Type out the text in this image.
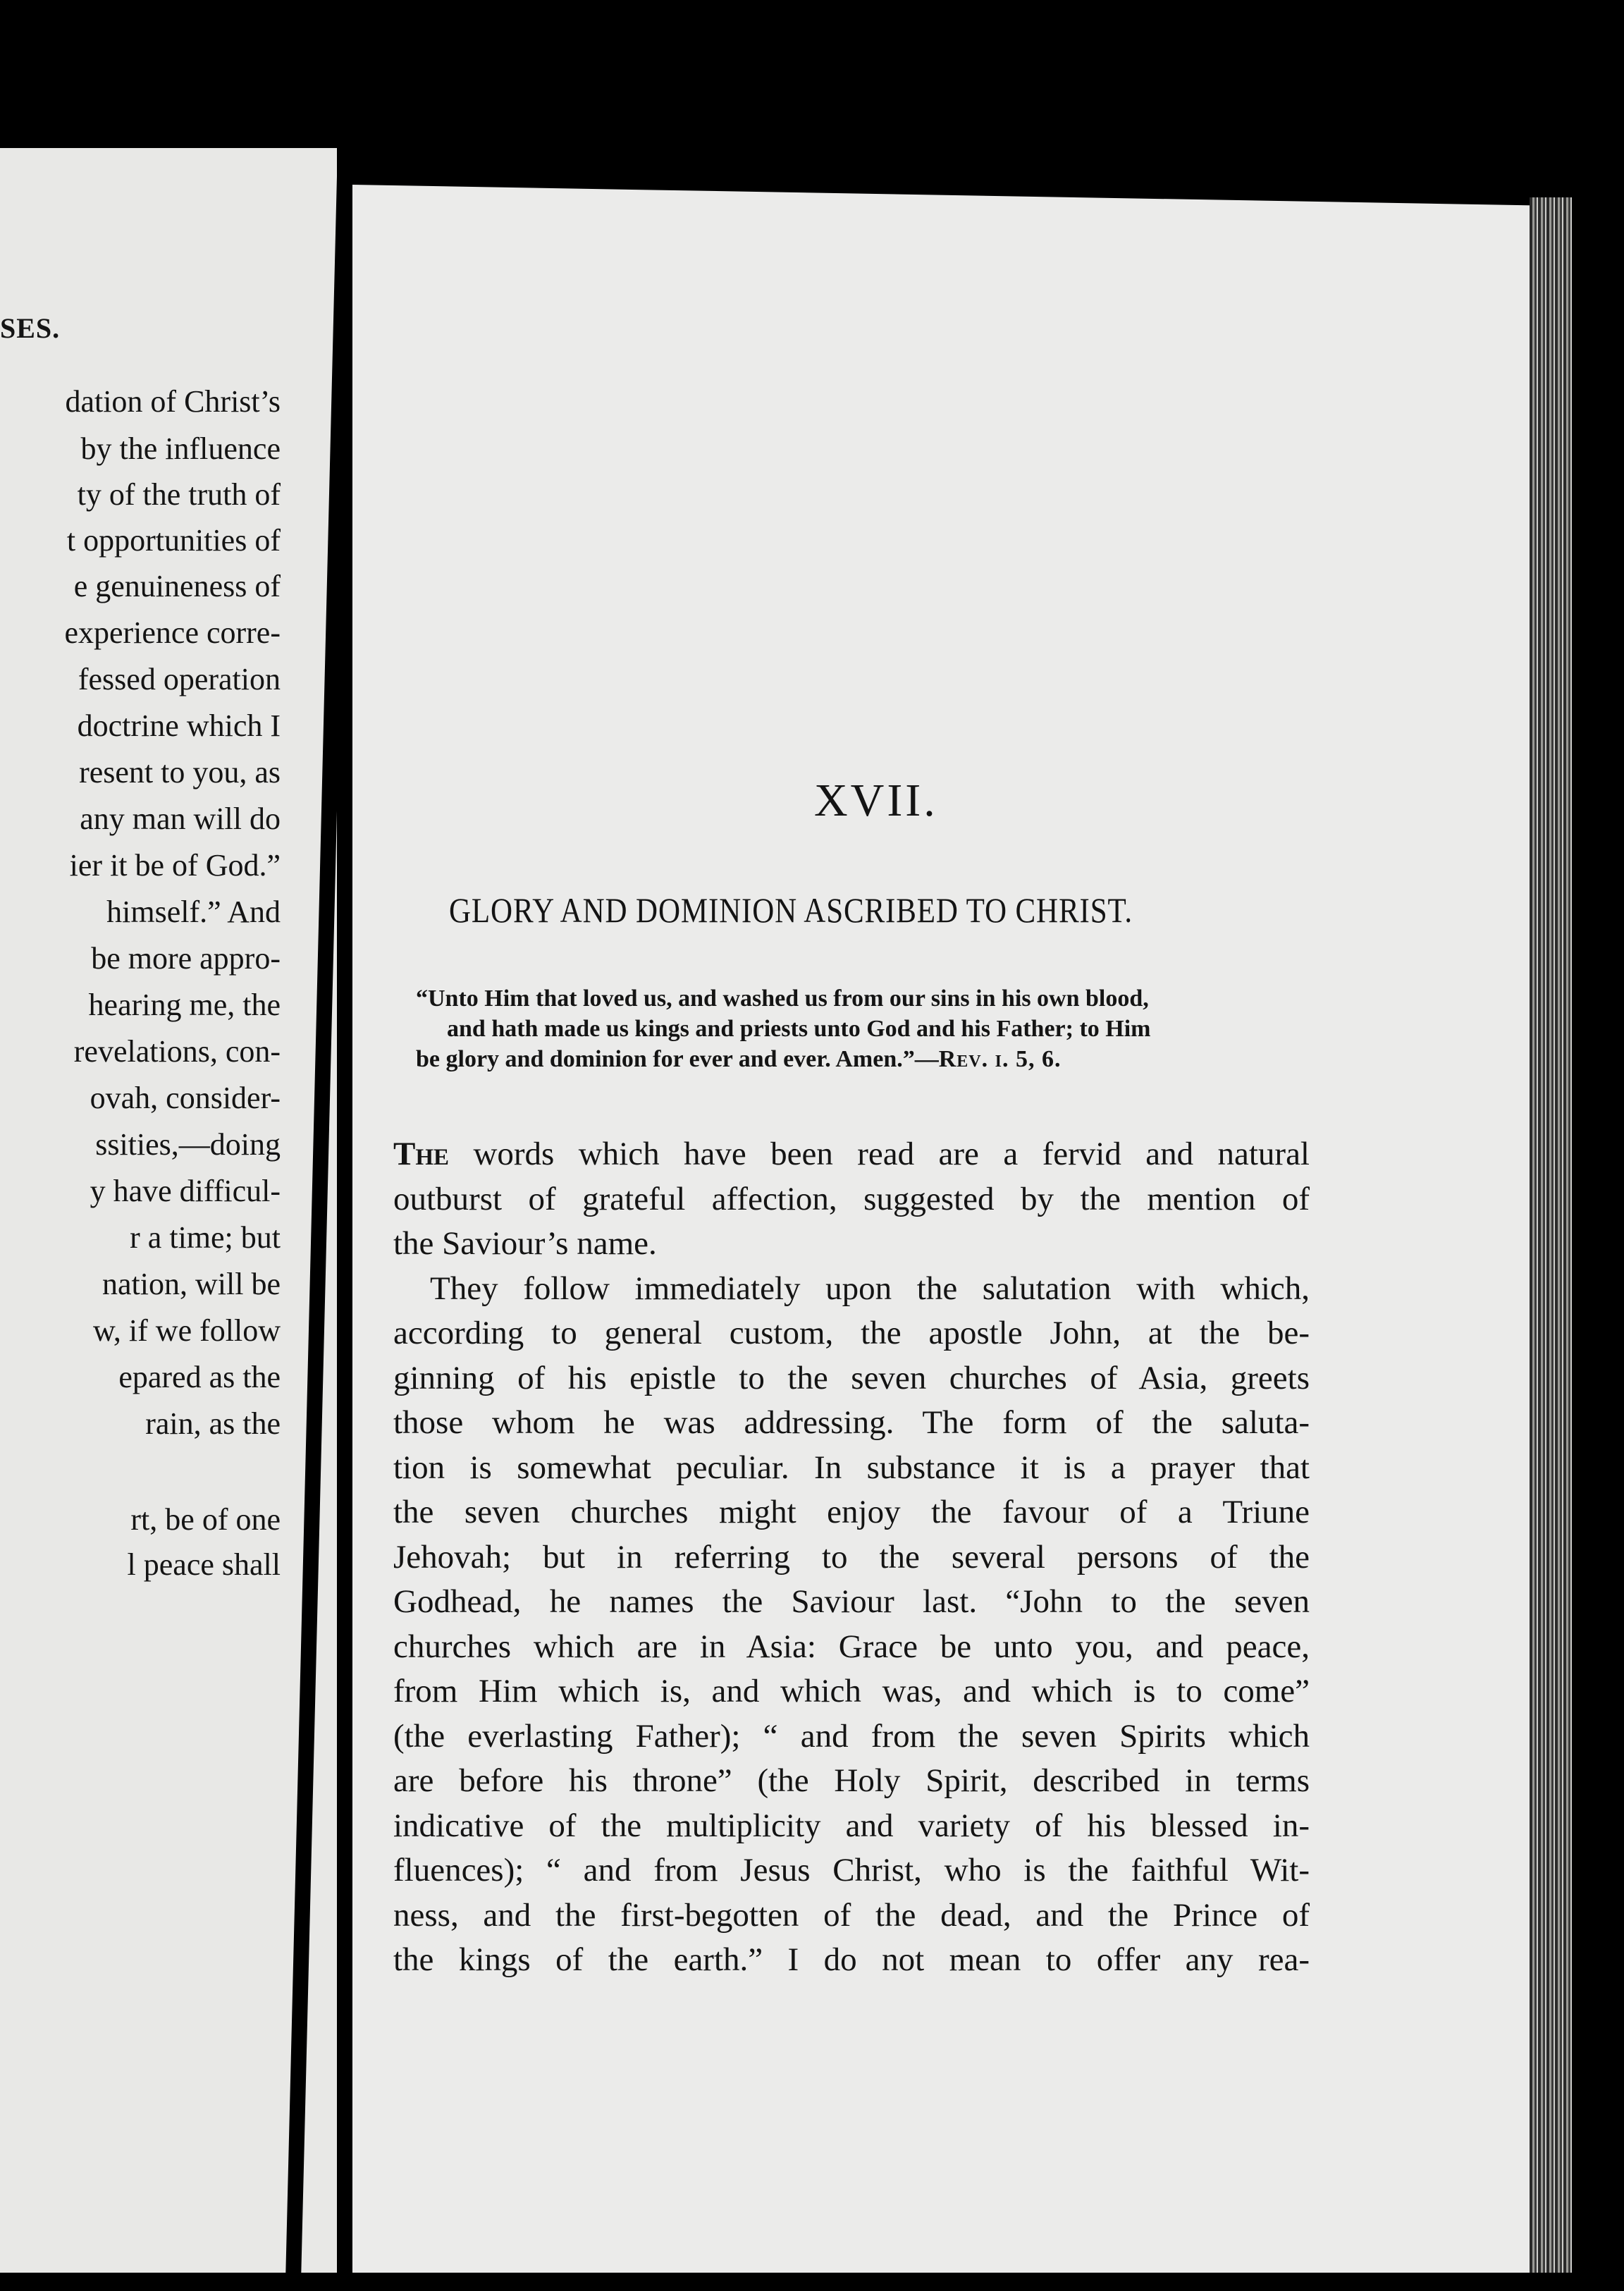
SES.
dation of Christ’s
by the influence
ty of the truth of
t opportunities of
e genuineness of
experience corre-
fessed operation
doctrine which I
resent to you, as
any man will do
ier it be of God.”
himself.” And
be more appro-
hearing me, the
revelations, con-
ovah, consider-
ssities,—doing
y have difficul-
r a time; but
nation, will be
w, if we follow
epared as the
rain, as the
rt, be of one
l peace shall
XVII.
GLORY AND DOMINION ASCRIBED TO CHRIST.
“Unto Him that loved us, and washed us from our sins in his own blood,
and hath made us kings and priests unto God and his Father; to Him
be glory and dominion for ever and ever. Amen.”—Rev. i. 5, 6.
The words which have been read are a fervid and natural
outburst of grateful affection, suggested by the mention of
the Saviour’s name.
They follow immediately upon the salutation with which,
according to general custom, the apostle John, at the be-
ginning of his epistle to the seven churches of Asia, greets
those whom he was addressing. The form of the saluta-
tion is somewhat peculiar. In substance it is a prayer that
the seven churches might enjoy the favour of a Triune
Jehovah; but in referring to the several persons of the
Godhead, he names the Saviour last. “John to the seven
churches which are in Asia: Grace be unto you, and peace,
from Him which is, and which was, and which is to come”
(the everlasting Father); “ and from the seven Spirits which
are before his throne” (the Holy Spirit, described in terms
indicative of the multiplicity and variety of his blessed in-
fluences); “ and from Jesus Christ, who is the faithful Wit-
ness, and the first-begotten of the dead, and the Prince of
the kings of the earth.” I do not mean to offer any rea-
